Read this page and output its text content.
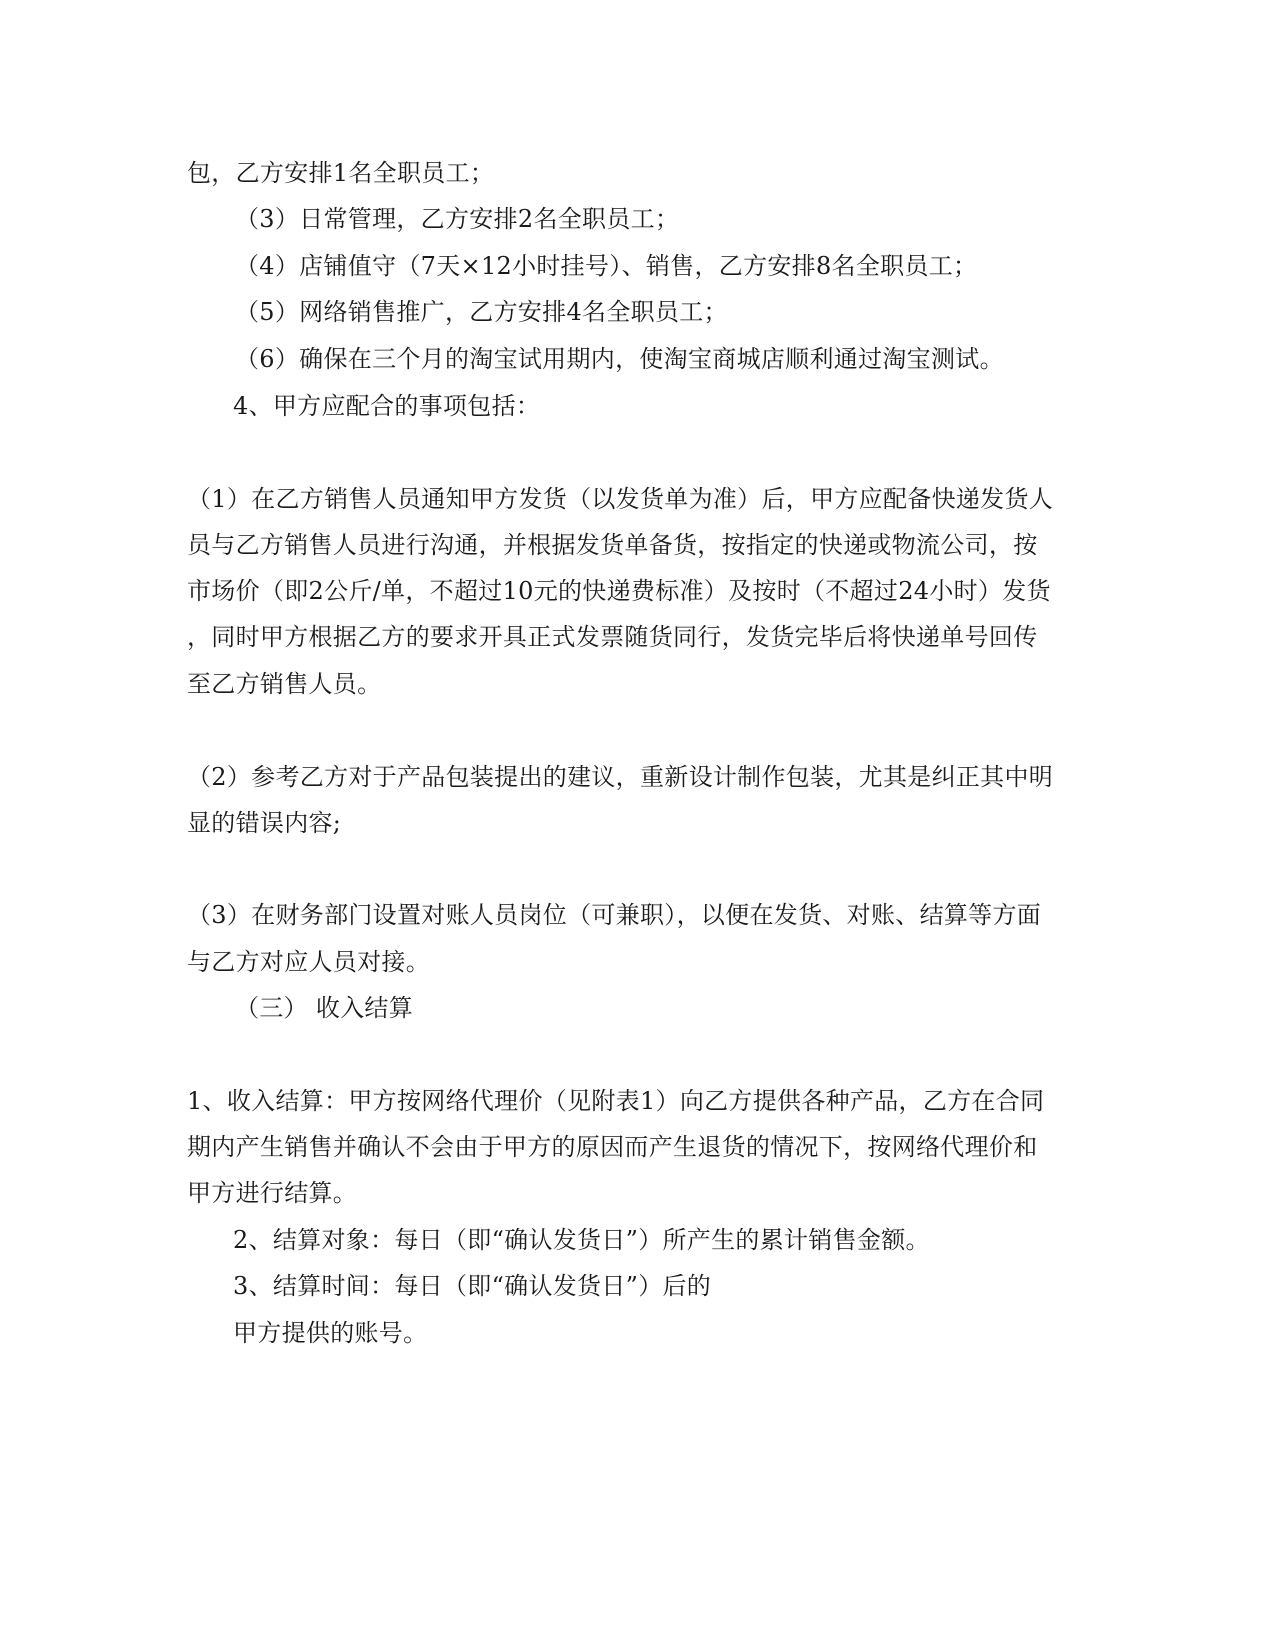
包，乙方安排1名全职员工；
（3）日常管理，乙方安排2名全职员工；
（4）店铺值守（7天×12小时挂号）、销售，乙方安排8名全职员工；
（5）网络销售推广，乙方安排4名全职员工；
（6）确保在三个月的淘宝试用期内，使淘宝商城店顺利通过淘宝测试。
4、甲方应配合的事项包括：
（1）在乙方销售人员通知甲方发货（以发货单为准）后，甲方应配备快递发货人
员与乙方销售人员进行沟通，并根据发货单备货，按指定的快递或物流公司，按
市场价（即2公斤/单，不超过10元的快递费标准）及按时（不超过24小时）发货
，同时甲方根据乙方的要求开具正式发票随货同行，发货完毕后将快递单号回传
至乙方销售人员。
（2）参考乙方对于产品包装提出的建议，重新设计制作包装，尤其是纠正其中明
显的错误内容;
（3）在财务部门设置对账人员岗位（可兼职），以便在发货、对账、结算等方面
与乙方对应人员对接。
（三） 收入结算
1、收入结算：甲方按网络代理价（见附表1）向乙方提供各种产品，乙方在合同
期内产生销售并确认不会由于甲方的原因而产生退货的情况下，按网络代理价和
甲方进行结算。
2、结算对象：每日（即“确认发货日”）所产生的累计销售金额。
3、结算时间：每日（即“确认发货日”）后的
甲方提供的账号。
